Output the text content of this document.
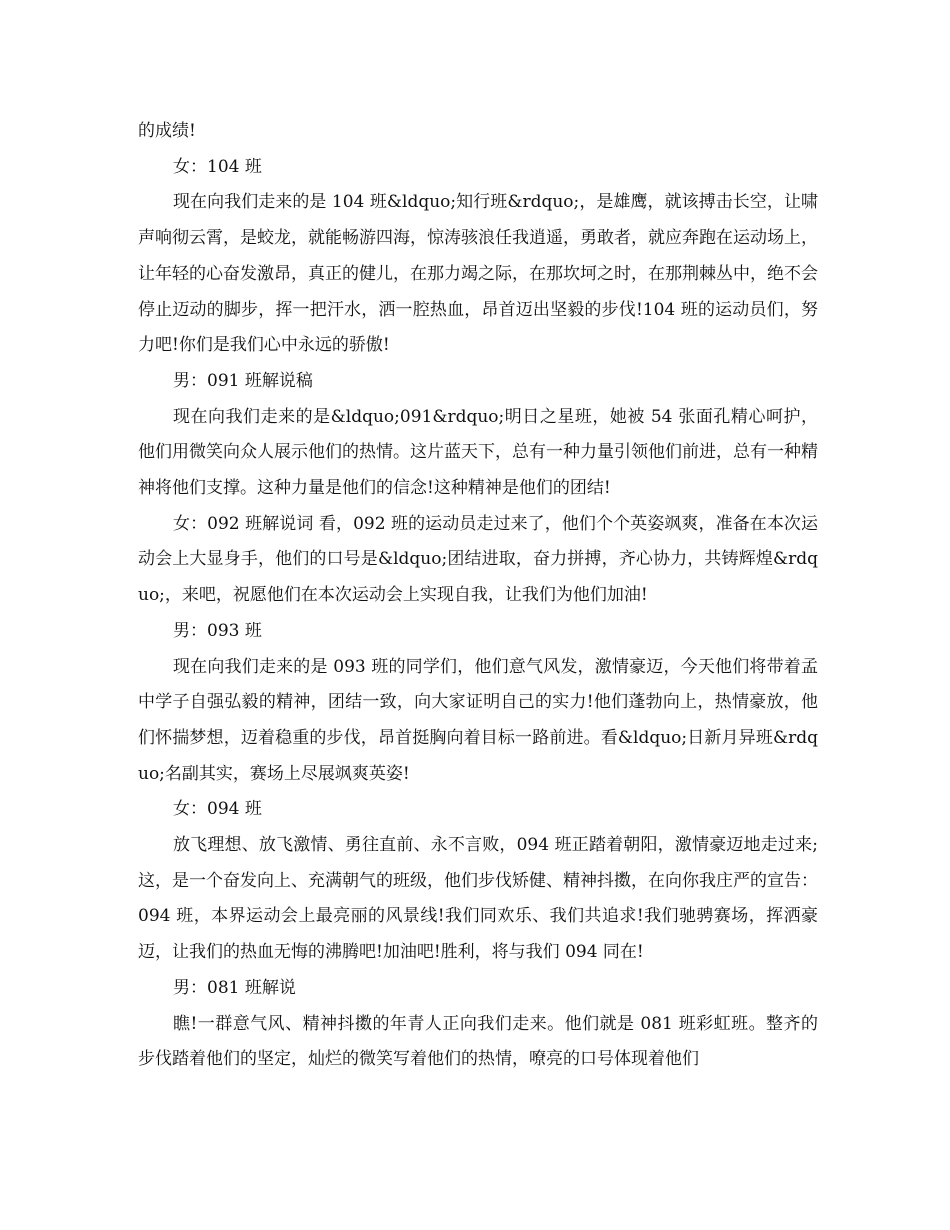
的成绩!

女：104 班

现在向我们走来的是 104 班&ldquo;知行班&rdquo;，是雄鹰，就该搏击长空，让啸声响彻云霄，是蛟龙，就能畅游四海，惊涛骇浪任我逍遥，勇敢者，就应奔跑在运动场上，让年轻的心奋发激昂，真正的健儿，在那力竭之际，在那坎坷之时，在那荆棘丛中，绝不会停止迈动的脚步，挥一把汗水，洒一腔热血，昂首迈出坚毅的步伐!104 班的运动员们，努力吧!你们是我们心中永远的骄傲!

男：091 班解说稿

现在向我们走来的是&ldquo;091&rdquo;明日之星班，她被 54 张面孔精心呵护，他们用微笑向众人展示他们的热情。这片蓝天下，总有一种力量引领他们前进，总有一种精神将他们支撑。这种力量是他们的信念!这种精神是他们的团结!

女：092 班解说词 看，092 班的运动员走过来了，他们个个英姿飒爽，准备在本次运动会上大显身手，他们的口号是&ldquo;团结进取，奋力拼搏，齐心协力，共铸辉煌&rdquo;，来吧，祝愿他们在本次运动会上实现自我，让我们为他们加油!

男：093 班

现在向我们走来的是 093 班的同学们，他们意气风发，激情豪迈，今天他们将带着孟中学子自强弘毅的精神，团结一致，向大家证明自己的实力!他们蓬勃向上，热情豪放，他们怀揣梦想，迈着稳重的步伐，昂首挺胸向着目标一路前进。看&ldquo;日新月异班&rdquo;名副其实，赛场上尽展飒爽英姿!

女：094 班

放飞理想、放飞激情、勇往直前、永不言败，094 班正踏着朝阳，激情豪迈地走过来;这，是一个奋发向上、充满朝气的班级，他们步伐矫健、精神抖擞，在向你我庄严的宣告：094 班，本界运动会上最亮丽的风景线!我们同欢乐、我们共追求!我们驰骋赛场，挥洒豪迈，让我们的热血无悔的沸腾吧!加油吧!胜利，将与我们 094 同在!

男：081 班解说

瞧!一群意气风、精神抖擞的年青人正向我们走来。他们就是 081 班彩虹班。整齐的步伐踏着他们的坚定，灿烂的微笑写着他们的热情，嘹亮的口号体现着他们
